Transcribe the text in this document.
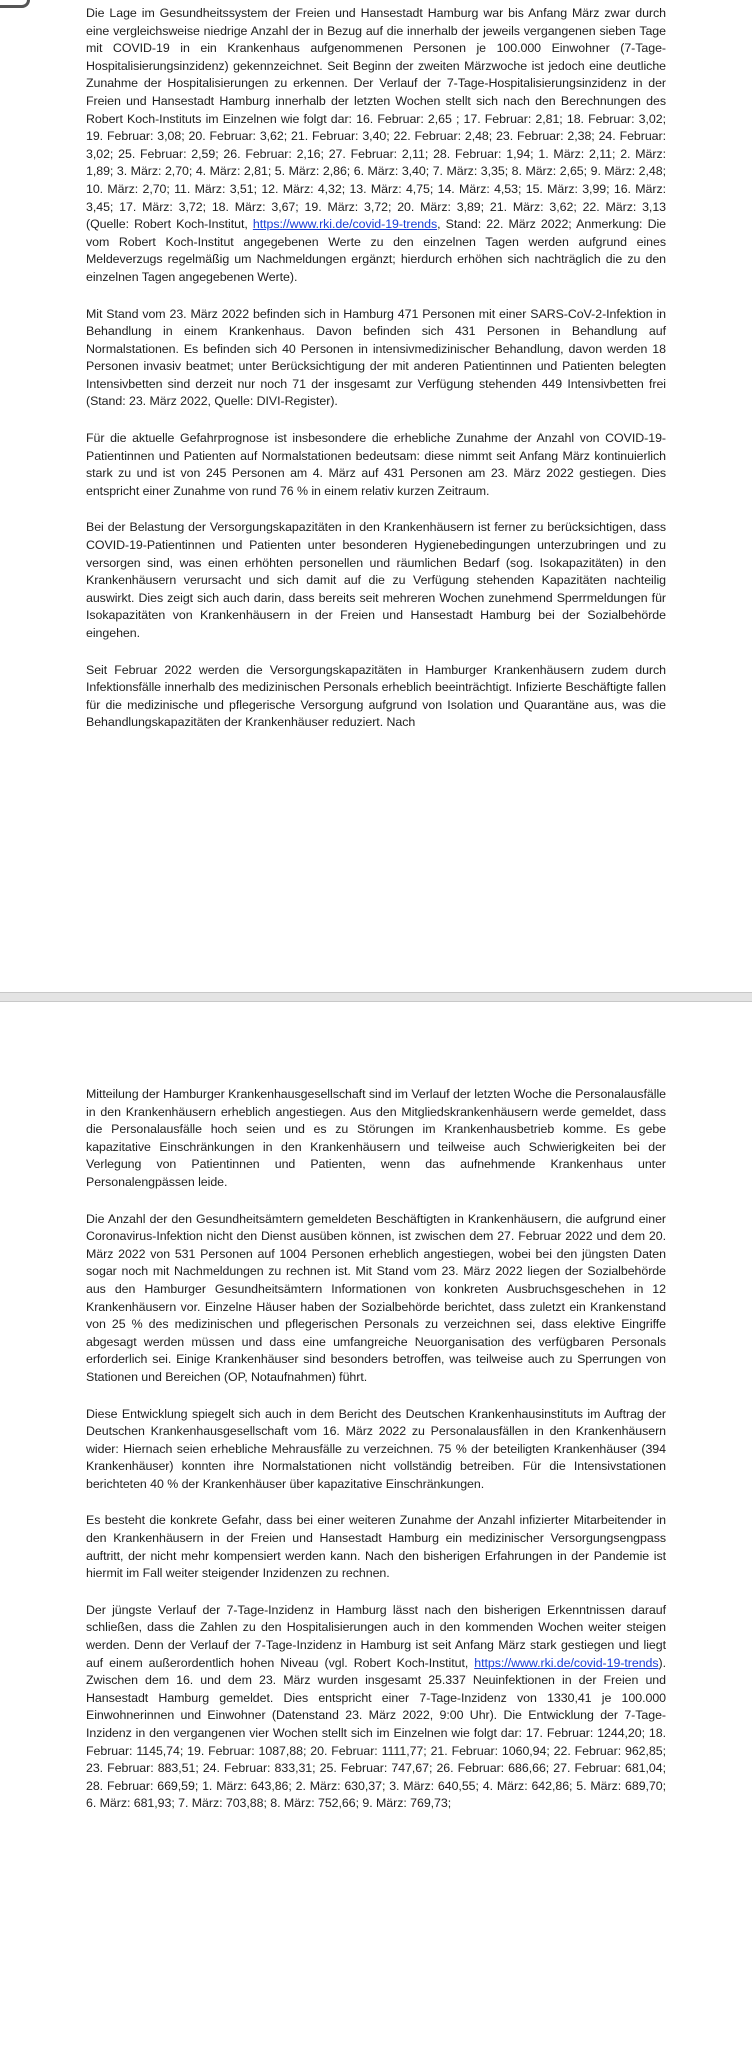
Die Lage im Gesundheitssystem der Freien und Hansestadt Hamburg war bis Anfang März zwar durch eine vergleichsweise niedrige Anzahl der in Bezug auf die innerhalb der jeweils vergangenen sieben Tage mit COVID-19 in ein Krankenhaus aufgenommenen Personen je 100.000 Einwohner (7-Tage-Hospitalisierungsinzidenz) gekennzeichnet. Seit Beginn der zweiten Märzwoche ist jedoch eine deutliche Zunahme der Hospitalisierungen zu erkennen. Der Verlauf der 7-Tage-Hospitalisierungsinzidenz in der Freien und Hansestadt Hamburg innerhalb der letzten Wochen stellt sich nach den Berechnungen des Robert Koch-Instituts im Einzelnen wie folgt dar: 16. Februar: 2,65 ; 17. Februar: 2,81; 18. Februar: 3,02; 19. Februar: 3,08; 20. Februar: 3,62; 21. Februar: 3,40; 22. Februar: 2,48; 23. Februar: 2,38; 24. Februar: 3,02; 25. Februar: 2,59; 26. Februar: 2,16; 27. Februar: 2,11; 28. Februar: 1,94; 1. März: 2,11; 2. März: 1,89; 3. März: 2,70; 4. März: 2,81; 5. März: 2,86; 6. März: 3,40; 7. März: 3,35; 8. März: 2,65; 9. März: 2,48; 10. März: 2,70; 11. März: 3,51; 12. März: 4,32; 13. März: 4,75; 14. März: 4,53; 15. März: 3,99; 16. März: 3,45; 17. März: 3,72; 18. März: 3,67; 19. März: 3,72; 20. März: 3,89; 21. März: 3,62; 22. März: 3,13 (Quelle: Robert Koch-Institut, https://www.rki.de/covid-19-trends, Stand: 22. März 2022; Anmerkung: Die vom Robert Koch-Institut angegebenen Werte zu den einzelnen Tagen werden aufgrund eines Meldeverzugs regelmäßig um Nachmeldungen ergänzt; hierdurch erhöhen sich nachträglich die zu den einzelnen Tagen angegebenen Werte).

Mit Stand vom 23. März 2022 befinden sich in Hamburg 471 Personen mit einer SARS-CoV-2-Infektion in Behandlung in einem Krankenhaus. Davon befinden sich 431 Personen in Behandlung auf Normalstationen. Es befinden sich 40 Personen in intensivmedizinischer Behandlung, davon werden 18 Personen invasiv beatmet; unter Berücksichtigung der mit anderen Patientinnen und Patienten belegten Intensivbetten sind derzeit nur noch 71 der insgesamt zur Verfügung stehenden 449 Intensivbetten frei (Stand: 23. März 2022, Quelle: DIVI-Register).

Für die aktuelle Gefahrprognose ist insbesondere die erhebliche Zunahme der Anzahl von COVID-19-Patientinnen und Patienten auf Normalstationen bedeutsam: diese nimmt seit Anfang März kontinuierlich stark zu und ist von 245 Personen am 4. März auf 431 Personen am 23. März 2022 gestiegen. Dies entspricht einer Zunahme von rund 76 % in einem relativ kurzen Zeitraum.

Bei der Belastung der Versorgungskapazitäten in den Krankenhäusern ist ferner zu berücksichtigen, dass COVID-19-Patientinnen und Patienten unter besonderen Hygienebedingungen unterzubringen und zu versorgen sind, was einen erhöhten personellen und räumlichen Bedarf (sog. Isokapazitäten) in den Krankenhäusern verursacht und sich damit auf die zu Verfügung stehenden Kapazitäten nachteilig auswirkt. Dies zeigt sich auch darin, dass bereits seit mehreren Wochen zunehmend Sperrmeldungen für Isokapazitäten von Krankenhäusern in der Freien und Hansestadt Hamburg bei der Sozialbehörde eingehen.

Seit Februar 2022 werden die Versorgungskapazitäten in Hamburger Krankenhäusern zudem durch Infektionsfälle innerhalb des medizinischen Personals erheblich beeinträchtigt. Infizierte Beschäftigte fallen für die medizinische und pflegerische Versorgung aufgrund von Isolation und Quarantäne aus, was die Behandlungskapazitäten der Krankenhäuser reduziert. Nach

Mitteilung der Hamburger Krankenhausgesellschaft sind im Verlauf der letzten Woche die Personalausfälle in den Krankenhäusern erheblich angestiegen. Aus den Mitgliedskrankenhäusern werde gemeldet, dass die Personalausfälle hoch seien und es zu Störungen im Krankenhausbetrieb komme. Es gebe kapazitative Einschränkungen in den Krankenhäusern und teilweise auch Schwierigkeiten bei der Verlegung von Patientinnen und Patienten, wenn das aufnehmende Krankenhaus unter Personalengpässen leide.

Die Anzahl der den Gesundheitsämtern gemeldeten Beschäftigten in Krankenhäusern, die aufgrund einer Coronavirus-Infektion nicht den Dienst ausüben können, ist zwischen dem 27. Februar 2022 und dem 20. März 2022 von 531 Personen auf 1004 Personen erheblich angestiegen, wobei bei den jüngsten Daten sogar noch mit Nachmeldungen zu rechnen ist. Mit Stand vom 23. März 2022 liegen der Sozialbehörde aus den Hamburger Gesundheitsämtern Informationen von konkreten Ausbruchsgeschehen in 12 Krankenhäusern vor. Einzelne Häuser haben der Sozialbehörde berichtet, dass zuletzt ein Krankenstand von 25 % des medizinischen und pflegerischen Personals zu verzeichnen sei, dass elektive Eingriffe abgesagt werden müssen und dass eine umfangreiche Neuorganisation des verfügbaren Personals erforderlich sei. Einige Krankenhäuser sind besonders betroffen, was teilweise auch zu Sperrungen von Stationen und Bereichen (OP, Notaufnahmen) führt.

Diese Entwicklung spiegelt sich auch in dem Bericht des Deutschen Krankenhausinstituts im Auftrag der Deutschen Krankenhausgesellschaft vom 16. März 2022 zu Personalausfällen in den Krankenhäusern wider: Hiernach seien erhebliche Mehrausfälle zu verzeichnen. 75 % der beteiligten Krankenhäuser (394 Krankenhäuser) konnten ihre Normalstationen nicht vollständig betreiben. Für die Intensivstationen berichteten 40 % der Krankenhäuser über kapazitative Einschränkungen.

Es besteht die konkrete Gefahr, dass bei einer weiteren Zunahme der Anzahl infizierter Mitarbeitender in den Krankenhäusern in der Freien und Hansestadt Hamburg ein medizinischer Versorgungsengpass auftritt, der nicht mehr kompensiert werden kann. Nach den bisherigen Erfahrungen in der Pandemie ist hiermit im Fall weiter steigender Inzidenzen zu rechnen.

Der jüngste Verlauf der 7-Tage-Inzidenz in Hamburg lässt nach den bisherigen Erkenntnissen darauf schließen, dass die Zahlen zu den Hospitalisierungen auch in den kommenden Wochen weiter steigen werden. Denn der Verlauf der 7-Tage-Inzidenz in Hamburg ist seit Anfang März stark gestiegen und liegt auf einem außerordentlich hohen Niveau (vgl. Robert Koch-Institut, https://www.rki.de/covid-19-trends). Zwischen dem 16. und dem 23. März wurden insgesamt 25.337 Neuinfektionen in der Freien und Hansestadt Hamburg gemeldet. Dies entspricht einer 7-Tage-Inzidenz von 1330,41 je 100.000 Einwohnerinnen und Einwohner (Datenstand 23. März 2022, 9:00 Uhr). Die Entwicklung der 7-Tage-Inzidenz in den vergangenen vier Wochen stellt sich im Einzelnen wie folgt dar: 17. Februar: 1244,20; 18. Februar: 1145,74; 19. Februar: 1087,88; 20. Februar: 1111,77; 21. Februar: 1060,94; 22. Februar: 962,85; 23. Februar: 883,51; 24. Februar: 833,31; 25. Februar: 747,67; 26. Februar: 686,66; 27. Februar: 681,04; 28. Februar: 669,59; 1. März: 643,86; 2. März: 630,37; 3. März: 640,55; 4. März: 642,86; 5. März: 689,70; 6. März: 681,93; 7. März: 703,88; 8. März: 752,66; 9. März: 769,73;
